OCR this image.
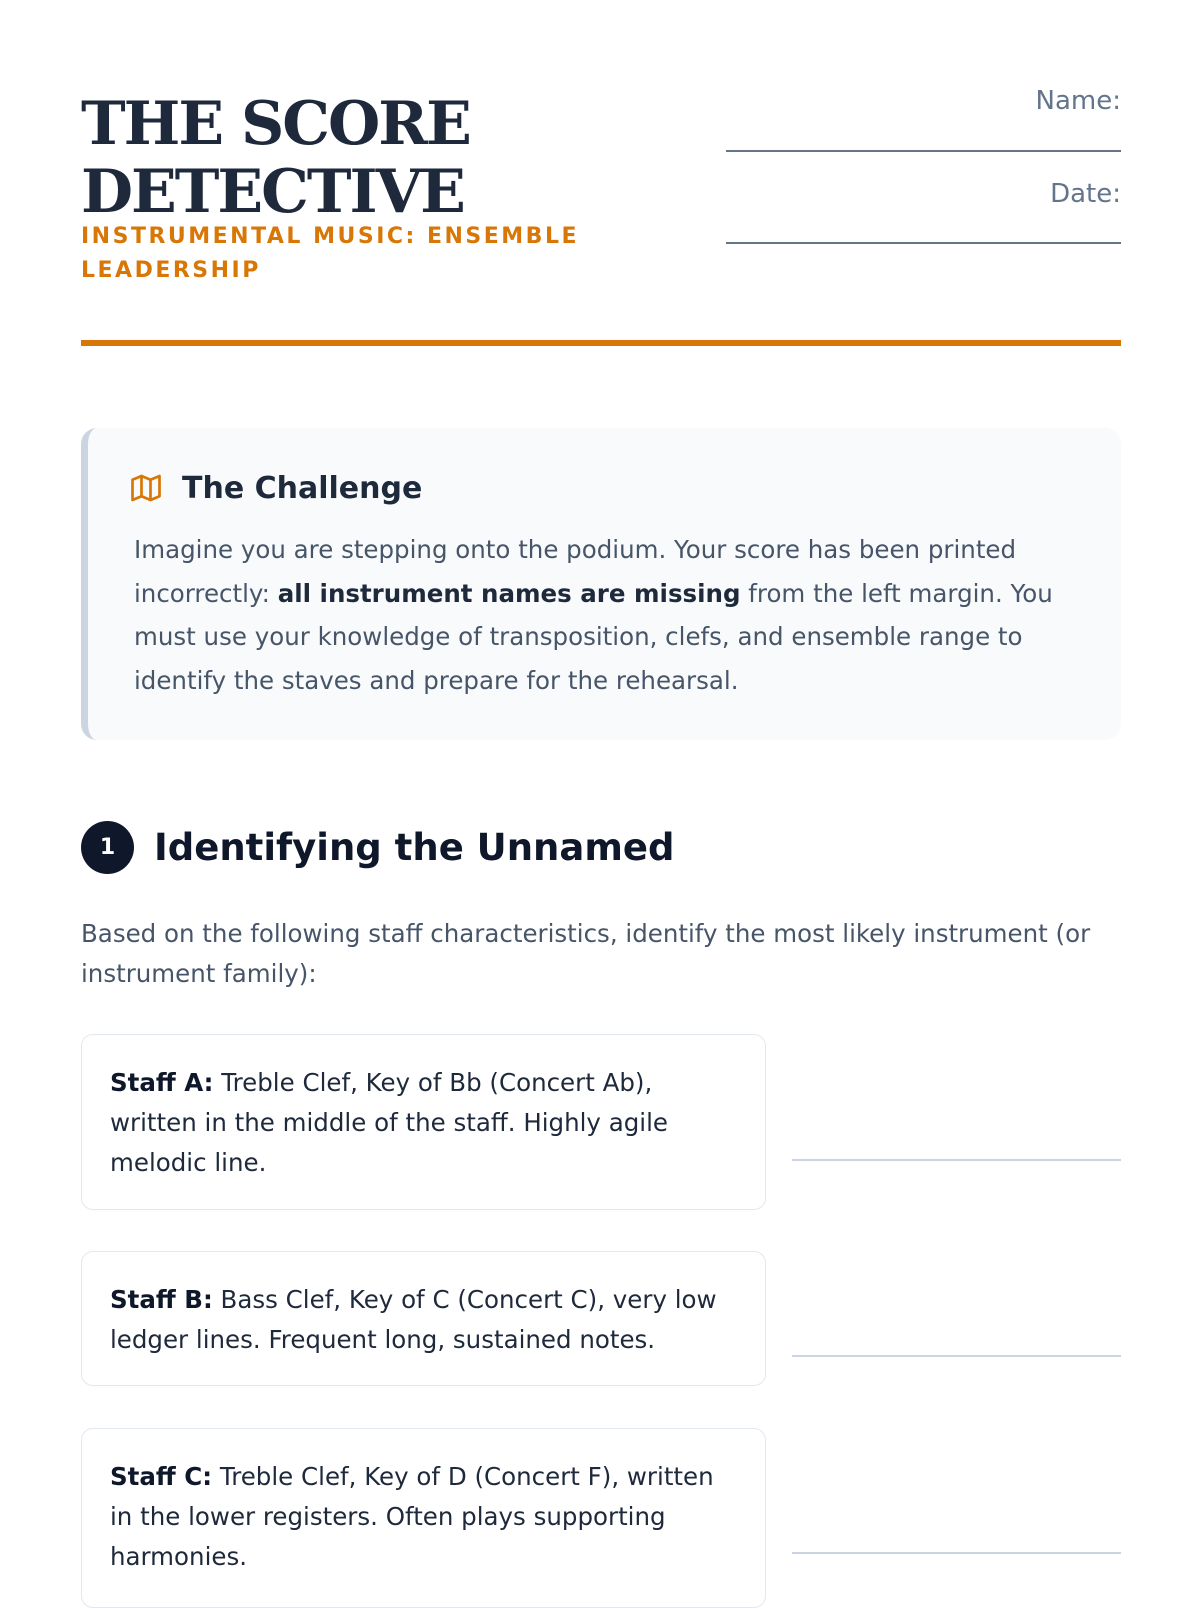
THE SCORE
DETECTIVE
INSTRUMENTAL MUSIC: ENSEMBLE LEADERSHIP
Name:
Date:
The Challenge

Imagine you are stepping onto the podium. Your score has been printed incorrectly: all instrument names are missing from the left margin. You must use your knowledge of transposition, clefs, and ensemble range to identify the staves and prepare for the rehearsal.

1	Identifying the Unnamed

Based on the following staff characteristics, identify the most likely instrument (or instrument family):

Staff A: Treble Clef, Key of Bb (Concert Ab), written in the middle of the staff. Highly agile melodic line.
Staff B: Bass Clef, Key of C (Concert C), very low ledger lines. Frequent long, sustained notes.
Staff C: Treble Clef, Key of D (Concert F), written in the lower registers. Often plays supporting harmonies.
